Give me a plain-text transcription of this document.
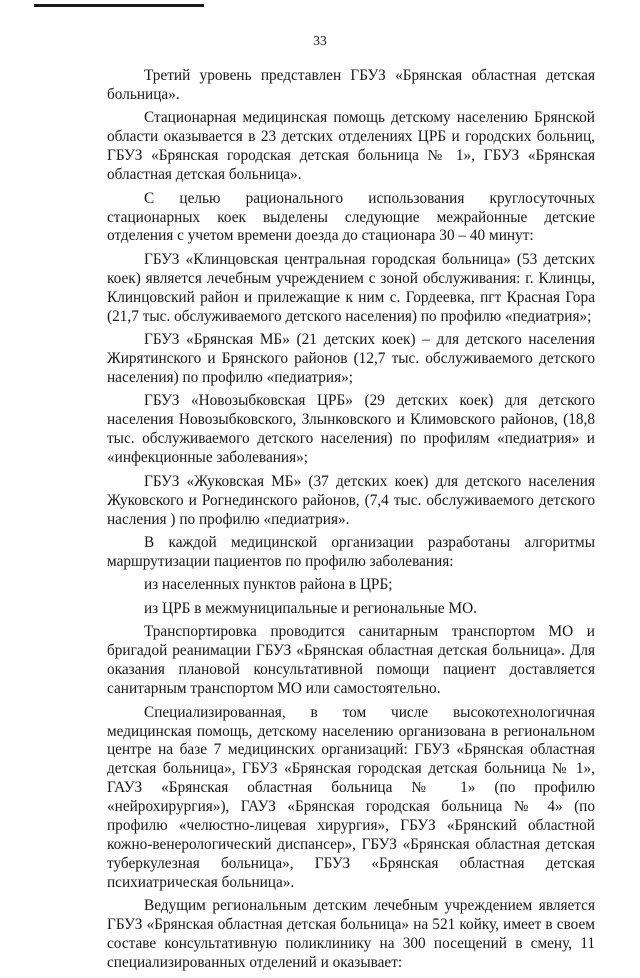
33

Третий уровень представлен ГБУЗ «Брянская областная детская больница».

Стационарная медицинская помощь детскому населению Брянской области оказывается в 23 детских отделениях ЦРБ и городских больниц, ГБУЗ «Брянская городская детская больница № 1», ГБУЗ «Брянская областная детская больница».

С целью рационального использования круглосуточных стационарных коек выделены следующие межрайонные детские отделения с учетом времени доезда до стационара 30 – 40 минут:

ГБУЗ «Клинцовская центральная городская больница» (53 детских коек) является лечебным учреждением с зоной обслуживания: г. Клинцы, Клинцовский район и прилежащие к ним с. Гордеевка, пгт Красная Гора (21,7 тыс. обслуживаемого детского населения) по профилю «педиатрия»;

ГБУЗ «Брянская МБ» (21 детских коек) – для детского населения Жирятинского и Брянского районов (12,7 тыс. обслуживаемого детского населения) по профилю «педиатрия»;

ГБУЗ «Новозыбковская ЦРБ» (29 детских коек) для детского населения Новозыбковского, Злынковского и Климовского районов, (18,8 тыс. обслуживаемого детского населения) по профилям «педиатрия» и «инфекционные заболевания»;

ГБУЗ «Жуковская МБ» (37 детских коек) для детского населения Жуковского и Рогнединского районов, (7,4 тыс. обслуживаемого детского насления ) по профилю «педиатрия».

В каждой медицинской организации разработаны алгоритмы маршрутизации пациентов по профилю заболевания:

из населенных пунктов района в ЦРБ;

из ЦРБ в межмуниципальные и региональные МО.

Транспортировка проводится санитарным транспортом МО и бригадой реанимации ГБУЗ «Брянская областная детская больница». Для оказания плановой консультативной помощи пациент доставляется санитарным транспортом МО или самостоятельно.

Специализированная, в том числе высокотехнологичная медицинская помощь, детскому населению организована в региональном центре на базе 7 медицинских организаций: ГБУЗ «Брянская областная детская больница», ГБУЗ «Брянская городская детская больница № 1», ГАУЗ «Брянская областная больница № 1» (по профилю «нейрохирургия»), ГАУЗ «Брянская городская больница № 4» (по профилю «челюстно-лицевая хирургия», ГБУЗ «Брянский областной кожно-венерологический диспансер», ГБУЗ «Брянская областная детская туберкулезная больница», ГБУЗ «Брянская областная детская психиатрическая больница».

Ведущим региональным детским лечебным учреждением является ГБУЗ «Брянская областная детская больница» на 521 койку, имеет в своем составе консультативную поликлинику на 300 посещений в смену, 11 специализированных отделений и оказывает:
